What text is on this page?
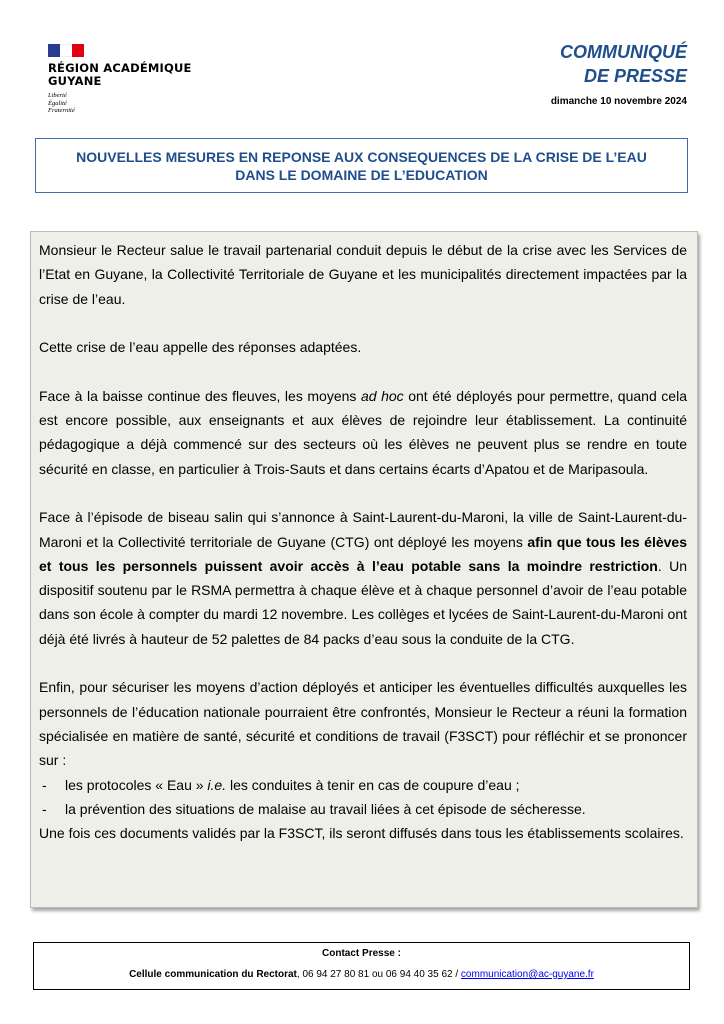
RÉGION ACADÉMIQUE
GUYANE
Liberté
Égalité
Fraternité
COMMUNIQUÉ
DE PRESSE
dimanche 10 novembre 2024
NOUVELLES MESURES EN REPONSE AUX CONSEQUENCES DE LA CRISE DE L’EAU
DANS LE DOMAINE DE L’EDUCATION

Monsieur le Recteur salue le travail partenarial conduit depuis le début de la crise avec les Services de l’Etat en Guyane, la Collectivité Territoriale de Guyane et les municipalités directement impactées par la crise de l’eau.

Cette crise de l’eau appelle des réponses adaptées.

Face à la baisse continue des fleuves, les moyens ad hoc ont été déployés pour permettre, quand cela est encore possible, aux enseignants et aux élèves de rejoindre leur établissement. La continuité pédagogique a déjà commencé sur des secteurs où les élèves ne peuvent plus se rendre en toute sécurité en classe, en particulier à Trois-Sauts et dans certains écarts d’Apatou et de Maripasoula.

Face à l’épisode de biseau salin qui s’annonce à Saint-Laurent-du-Maroni, la ville de Saint-Laurent-du-Maroni et la Collectivité territoriale de Guyane (CTG) ont déployé les moyens afin que tous les élèves et tous les personnels puissent avoir accès à l’eau potable sans la moindre restriction. Un dispositif soutenu par le RSMA permettra à chaque élève et à chaque personnel d’avoir de l’eau potable dans son école à compter du mardi 12 novembre. Les collèges et lycées de Saint-Laurent-du-Maroni ont déjà été livrés à hauteur de 52 palettes de 84 packs d’eau sous la conduite de la CTG.

Enfin, pour sécuriser les moyens d’action déployés et anticiper les éventuelles difficultés auxquelles les personnels de l’éducation nationale pourraient être confrontés, Monsieur le Recteur a réuni la formation spécialisée en matière de santé, sécurité et conditions de travail (F3SCT) pour réfléchir et se prononcer sur :

- les protocoles « Eau » i.e. les conduites à tenir en cas de coupure d’eau ;
- la prévention des situations de malaise au travail liées à cet épisode de sécheresse.

Une fois ces documents validés par la F3SCT, ils seront diffusés dans tous les établissements scolaires.

Contact Presse :
Cellule communication du Rectorat, 06 94 27 80 81 ou 06 94 40 35 62 / communication@ac-guyane.fr
